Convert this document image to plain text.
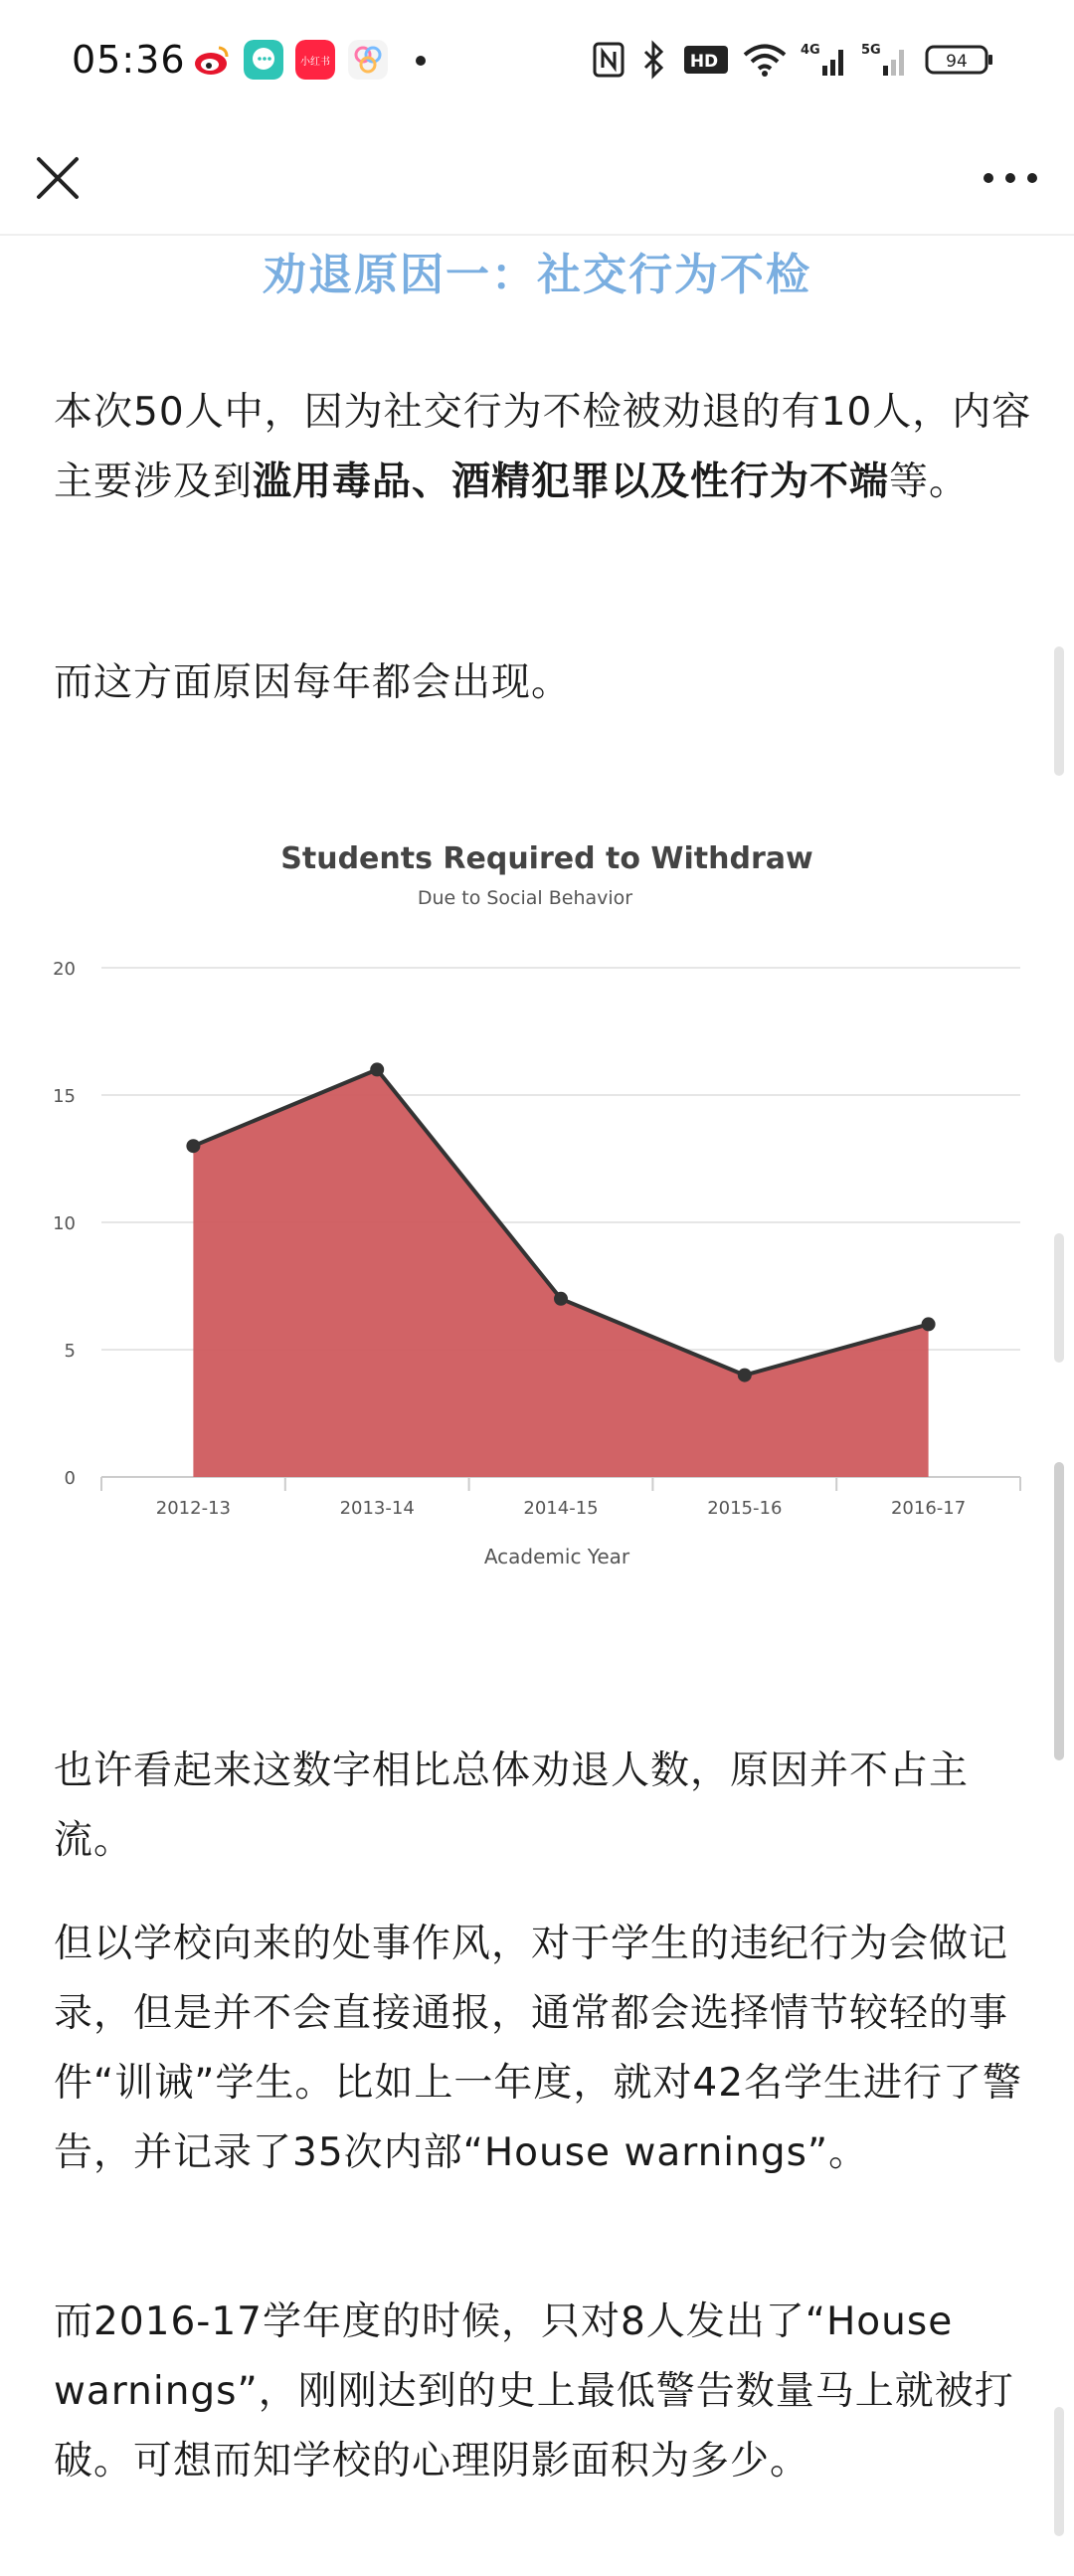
05:36	小红书	HD
4G	5G
94
劝退原因一：社交行为不检
本次50人中，因为社交行为不检被劝退的有10人，内容主要涉及到滥用毒品、酒精犯罪以及性行为不端等。
而这方面原因每年都会出现。
Students Required to Withdraw
Due to Social Behavior
Academic Year
0
5
10
15
20
2012-13	2013-14	2014-15	2015-16	2016-17
也许看起来这数字相比总体劝退人数，原因并不占主流。
但以学校向来的处事作风，对于学生的违纪行为会做记录，但是并不会直接通报，通常都会选择情节较轻的事件“训诫”学生。比如上一年度，就对42名学生进行了警告，并记录了35次内部“House warnings”。
而2016-17学年度的时候，只对8人发出了“House warnings”，刚刚达到的史上最低警告数量马上就被打破。可想而知学校的心理阴影面积为多少。
